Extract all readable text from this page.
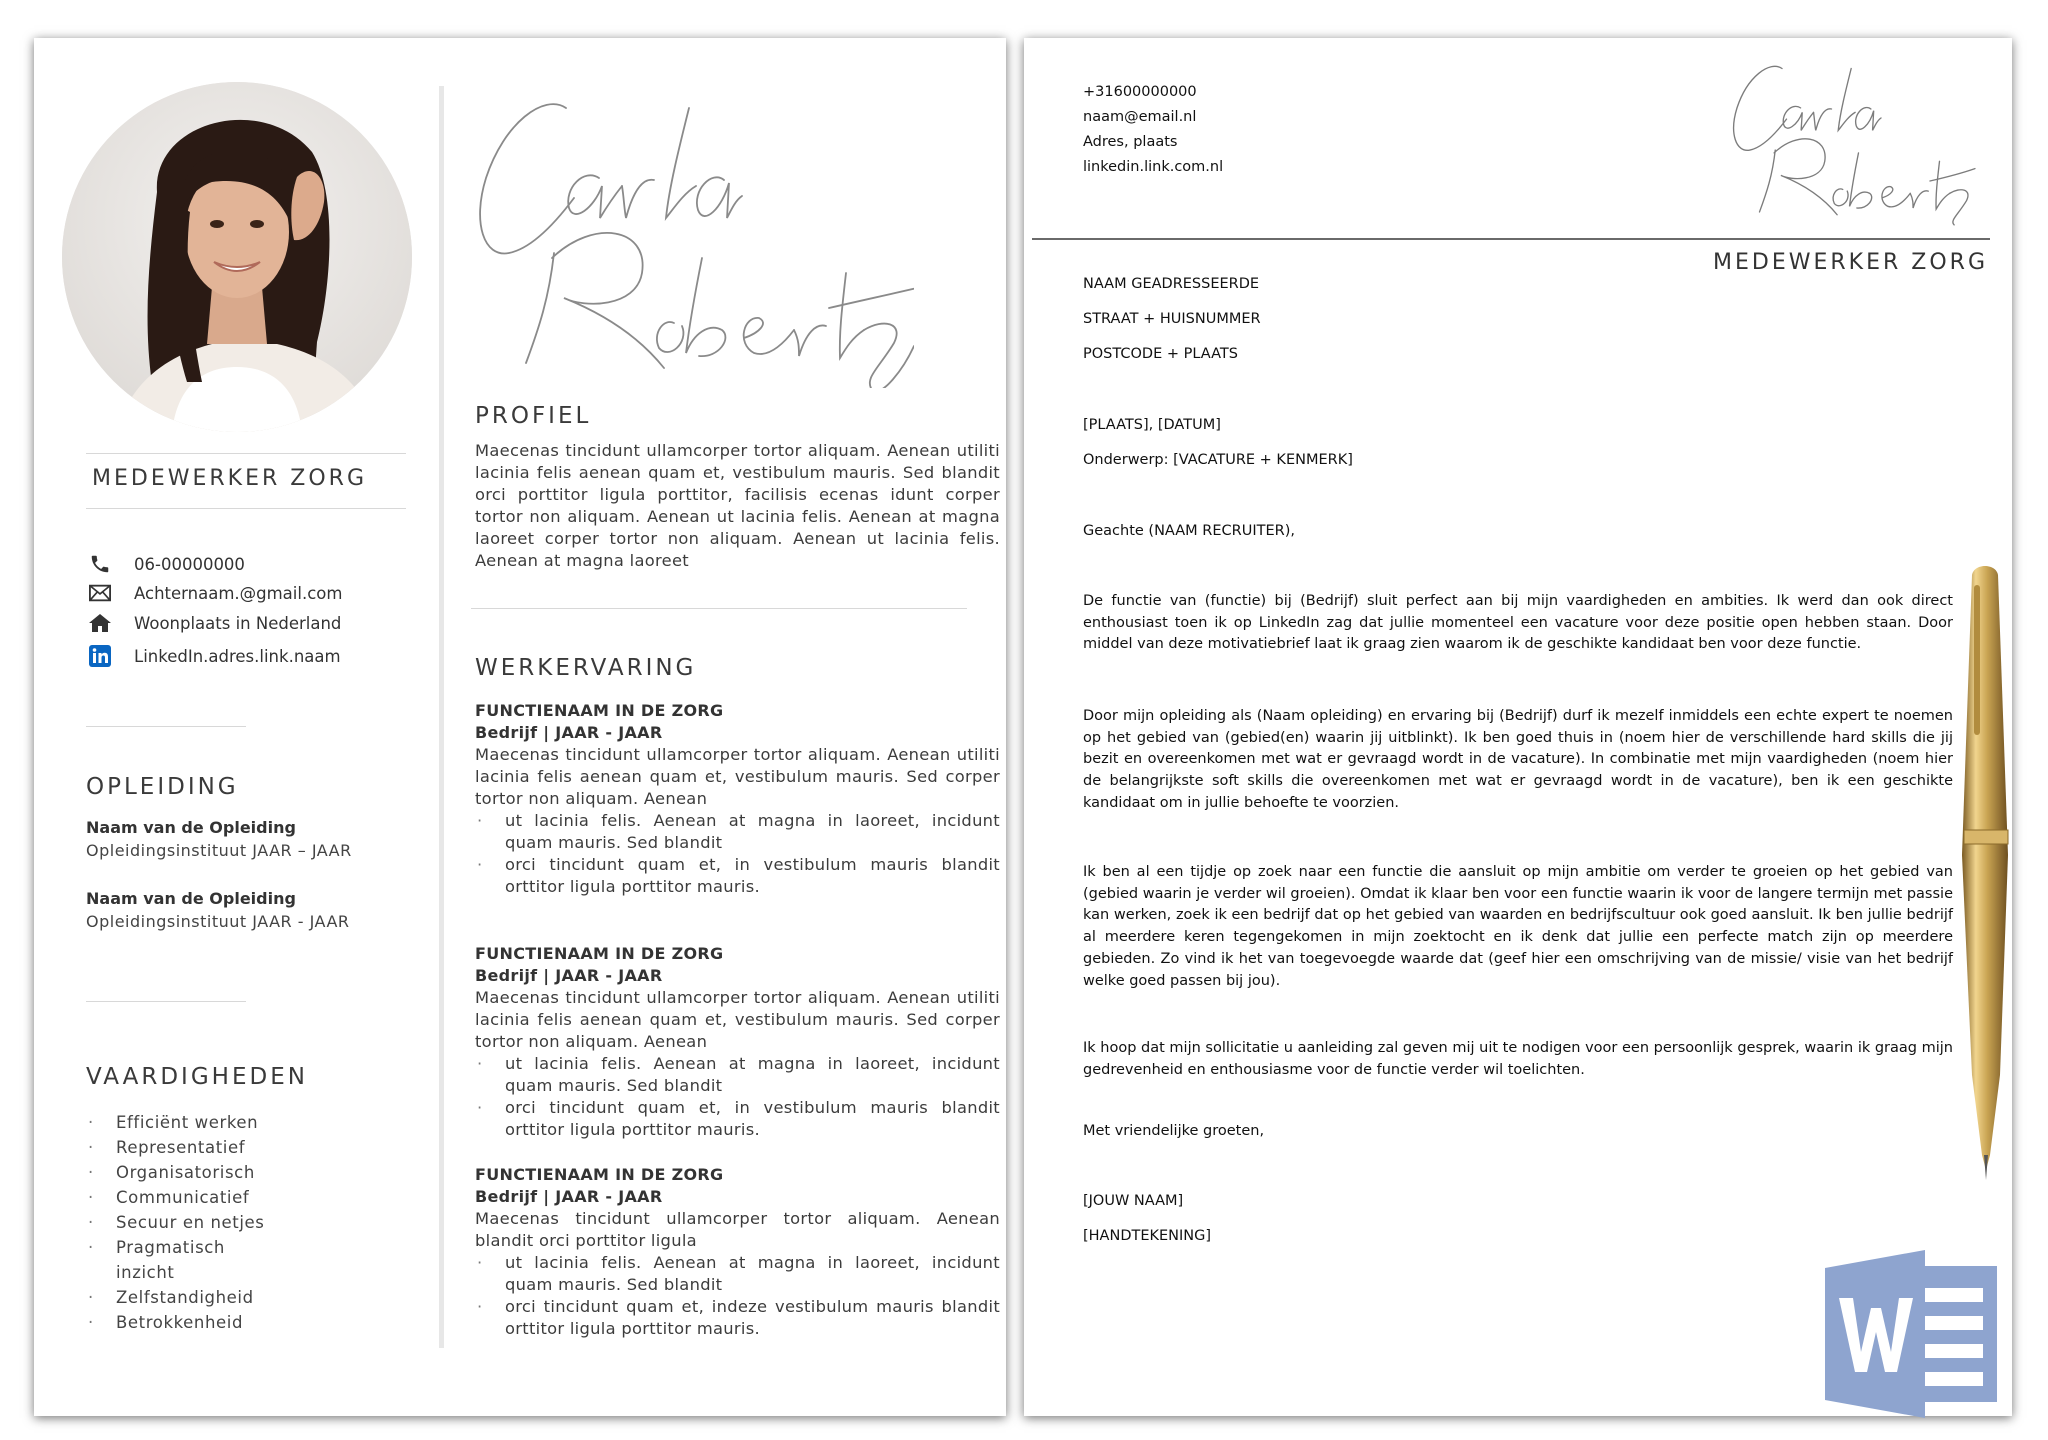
MEDEWERKER ZORG
06-00000000
Achternaam.@gmail.com
Woonplaats in Nederland
LinkedIn.adres.link.naam
OPLEIDING
Naam van de Opleiding
Opleidingsinstituut JAAR – JAAR
Naam van de Opleiding
Opleidingsinstituut JAAR - JAAR
VAARDIGHEDEN
· Efficiënt werken
· Representatief
· Organisatorisch
· Communicatief
· Secuur en netjes
· Pragmatisch inzicht
· Zelfstandigheid
· Betrokkenheid
PROFIEL

Maecenas tincidunt ullamcorper tortor aliquam. Aenean utiliti lacinia felis aenean quam et, vestibulum mauris. Sed blandit orci porttitor ligula porttitor, facilisis ecenas idunt corper tortor non aliquam. Aenean ut lacinia felis. Aenean at magna laoreet corper tortor non aliquam. Aenean ut lacinia felis. Aenean at magna laoreet

WERKERVARING
FUNCTIENAAM IN DE ZORG
Bedrijf | JAAR - JAAR
Maecenas tincidunt ullamcorper tortor aliquam. Aenean utiliti lacinia felis aenean quam et, vestibulum mauris. Sed corper tortor non aliquam. Aenean
· ut lacinia felis. Aenean at magna in laoreet, incidunt quam mauris. Sed blandit
· orci tincidunt quam et, in vestibulum mauris blandit orttitor ligula porttitor mauris.
FUNCTIENAAM IN DE ZORG
Bedrijf | JAAR - JAAR
Maecenas tincidunt ullamcorper tortor aliquam. Aenean utiliti lacinia felis aenean quam et, vestibulum mauris. Sed corper tortor non aliquam. Aenean
· ut lacinia felis. Aenean at magna in laoreet, incidunt quam mauris. Sed blandit
· orci tincidunt quam et, in vestibulum mauris blandit orttitor ligula porttitor mauris.
FUNCTIENAAM IN DE ZORG
Bedrijf | JAAR - JAAR
Maecenas tincidunt ullamcorper tortor aliquam. Aenean blandit orci porttitor ligula
· ut lacinia felis. Aenean at magna in laoreet, incidunt quam mauris. Sed blandit
· orci tincidunt quam et, indeze vestibulum mauris blandit orttitor ligula porttitor mauris.
+31600000000
naam@email.nl
Adres, plaats
linkedin.link.com.nl
MEDEWERKER ZORG
NAAM GEADRESSEERDE
STRAAT + HUISNUMMER
POSTCODE + PLAATS
[PLAATS], [DATUM]
Onderwerp: [VACATURE + KENMERK]
Geachte (NAAM RECRUITER),

De functie van (functie) bij (Bedrijf) sluit perfect aan bij mijn vaardigheden en ambities. Ik werd dan ook direct enthousiast toen ik op LinkedIn zag dat jullie momenteel een vacature voor deze positie open hebben staan. Door middel van deze motivatiebrief laat ik graag zien waarom ik de geschikte kandidaat ben voor deze functie.

Door mijn opleiding als (Naam opleiding) en ervaring bij (Bedrijf) durf ik mezelf inmiddels een echte expert te noemen op het gebied van (gebied(en) waarin jij uitblinkt). Ik ben goed thuis in (noem hier de verschillende hard skills die jij bezit en overeenkomen met wat er gevraagd wordt in de vacature). In combinatie met mijn vaardigheden (noem hier de belangrijkste soft skills die overeenkomen met wat er gevraagd wordt in de vacature), ben ik een geschikte kandidaat om in jullie behoefte te voorzien.

Ik ben al een tijdje op zoek naar een functie die aansluit op mijn ambitie om verder te groeien op het gebied van (gebied waarin je verder wil groeien). Omdat ik klaar ben voor een functie waarin ik voor de langere termijn met passie kan werken, zoek ik een bedrijf dat op het gebied van waarden en bedrijfscultuur ook goed aansluit. Ik ben jullie bedrijf al meerdere keren tegengekomen in mijn zoektocht en ik denk dat jullie een perfecte match zijn op meerdere gebieden. Zo vind ik het van toegevoegde waarde dat (geef hier een omschrijving van de missie/ visie van het bedrijf welke goed passen bij jou).

Ik hoop dat mijn sollicitatie u aanleiding zal geven mij uit te nodigen voor een persoonlijk gesprek, waarin ik graag mijn gedrevenheid en enthousiasme voor de functie verder wil toelichten.

Met vriendelijke groeten,
[JOUW NAAM]
[HANDTEKENING]
